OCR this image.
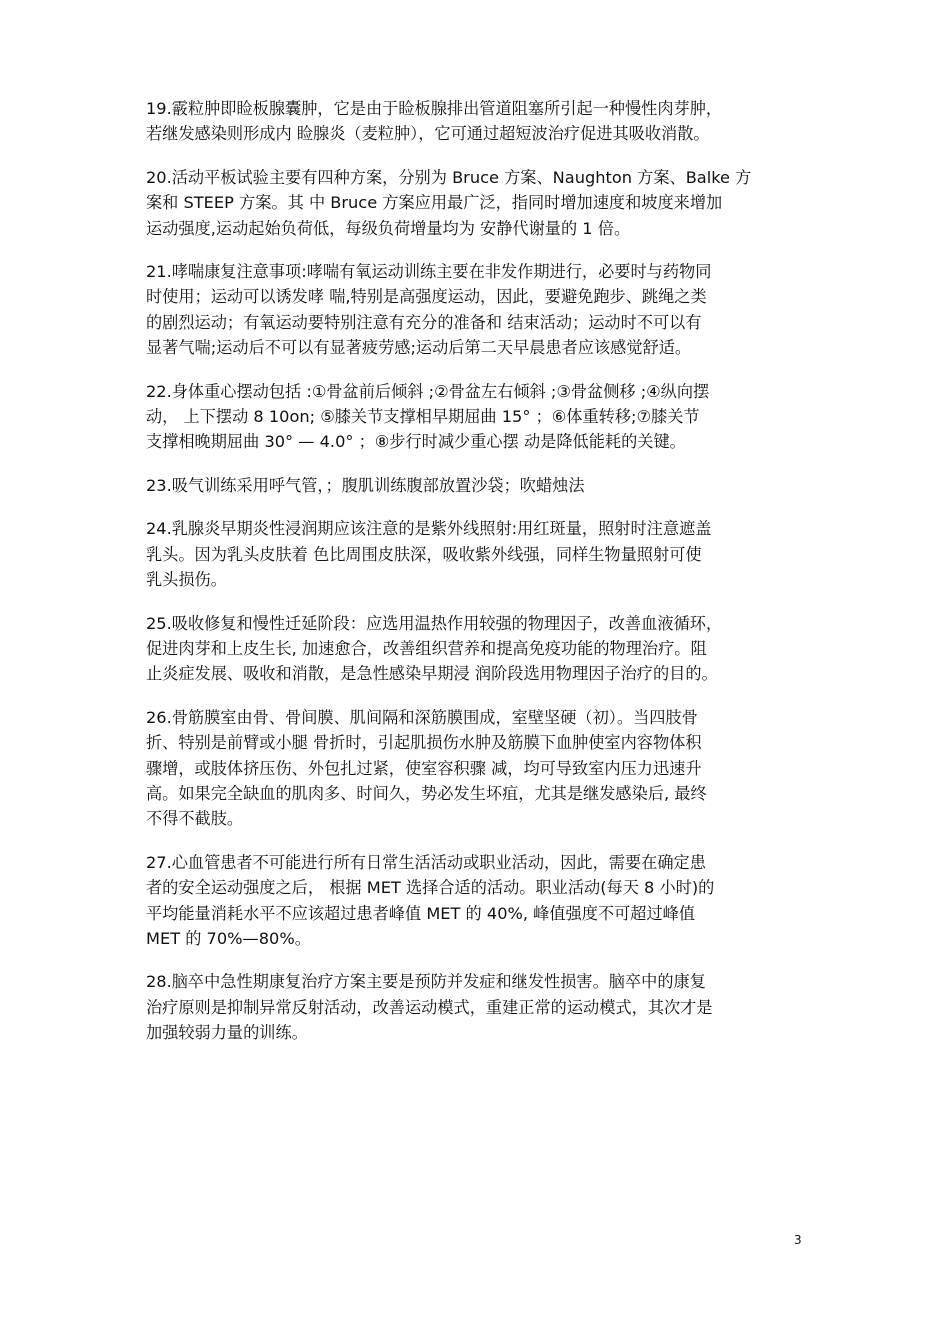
19.霰粒肿即睑板腺囊肿，它是由于睑板腺排出管道阻塞所引起一种慢性肉芽肿，
若继发感染则形成内 睑腺炎（麦粒肿），它可通过超短波治疗促进其吸收消散。

20.活动平板试验主要有四种方案，分别为 Bruce 方案、Naughton 方案、Balke 方
案和 STEEP 方案。其 中 Bruce 方案应用最广泛，指同时增加速度和坡度来增加
运动强度,运动起始负荷低，每级负荷增量均为 安静代谢量的 1 倍。

21.哮喘康复注意事项:哮喘有氧运动训练主要在非发作期进行，必要时与药物同
时使用；运动可以诱发哮 喘,特别是高强度运动，因此，要避免跑步、跳绳之类
的剧烈运动；有氧运动要特别注意有充分的准备和 结束活动；运动时不可以有
显著气喘;运动后不可以有显著疲劳感;运动后第二天早晨患者应该感觉舒适。

22.身体重心摆动包括 :①骨盆前后倾斜 ;②骨盆左右倾斜 ;③骨盆侧移 ;④纵向摆
动， 上下摆动 8 10on; ⑤膝关节支撑相早期屈曲 15° ；⑥体重转移;⑦膝关节
支撑相晚期屈曲 30° — 4.0° ；⑧步行时减少重心摆 动是降低能耗的关键。

23.吸气训练采用呼气管，；腹肌训练腹部放置沙袋；吹蜡烛法

24.乳腺炎早期炎性浸润期应该注意的是紫外线照射:用红斑量，照射时注意遮盖
乳头。因为乳头皮肤着 色比周围皮肤深，吸收紫外线强，同样生物量照射可使
乳头损伤。

25.吸收修复和慢性迁延阶段：应选用温热作用较强的物理因子，改善血液循环，
促进肉芽和上皮生长, 加速愈合，改善组织营养和提高免疫功能的物理治疗。阻
止炎症发展、吸收和消散，是急性感染早期浸 润阶段选用物理因子治疗的目的。

26.骨筋膜室由骨、骨间膜、肌间隔和深筋膜围成，室壁坚硬（初）。当四肢骨
折、特别是前臂或小腿 骨折时，引起肌损伤水肿及筋膜下血肿使室内容物体积
骤增，或肢体挤压伤、外包扎过紧，使室容积骤 减，均可导致室内压力迅速升
高。如果完全缺血的肌肉多、时间久，势必发生坏疽，尤其是继发感染后, 最终
不得不截肢。

27.心血管患者不可能进行所有日常生活活动或职业活动，因此，需要在确定患
者的安全运动强度之后， 根据 MET 选择合适的活动。职业活动(每天 8 小时)的
平均能量消耗水平不应该超过患者峰值 MET 的 40%, 峰值强度不可超过峰值
MET 的 70%—80%。

28.脑卒中急性期康复治疗方案主要是预防并发症和继发性损害。脑卒中的康复
治疗原则是抑制异常反射活动，改善运动模式，重建正常的运动模式，其次才是
加强较弱力量的训练。

3
